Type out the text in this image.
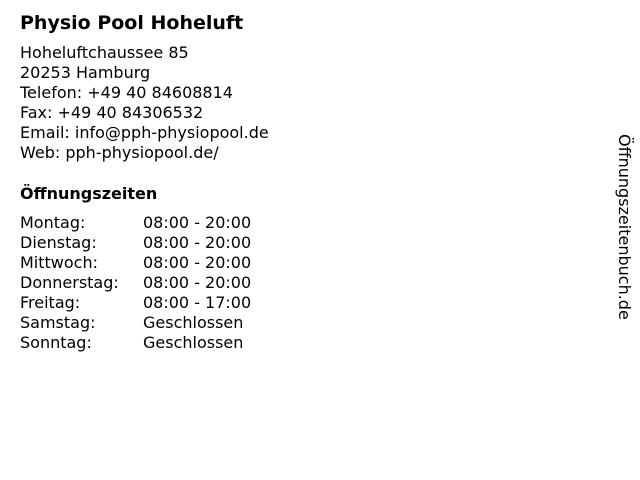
Physio Pool Hoheluft
Hoheluftchaussee 85
20253 Hamburg
Telefon: +49 40 84608814
Fax: +49 40 84306532
Email: info@pph-physiopool.de
Web: pph-physiopool.de/
Öffnungszeiten
Montag:	08:00 - 20:00
Dienstag:	08:00 - 20:00
Mittwoch:	08:00 - 20:00
Donnerstag: 08:00 - 20:00
Freitag:	08:00 - 17:00
Samstag:	Geschlossen
Sonntag:	Geschlossen
Öffnungszeitenbuch.de
